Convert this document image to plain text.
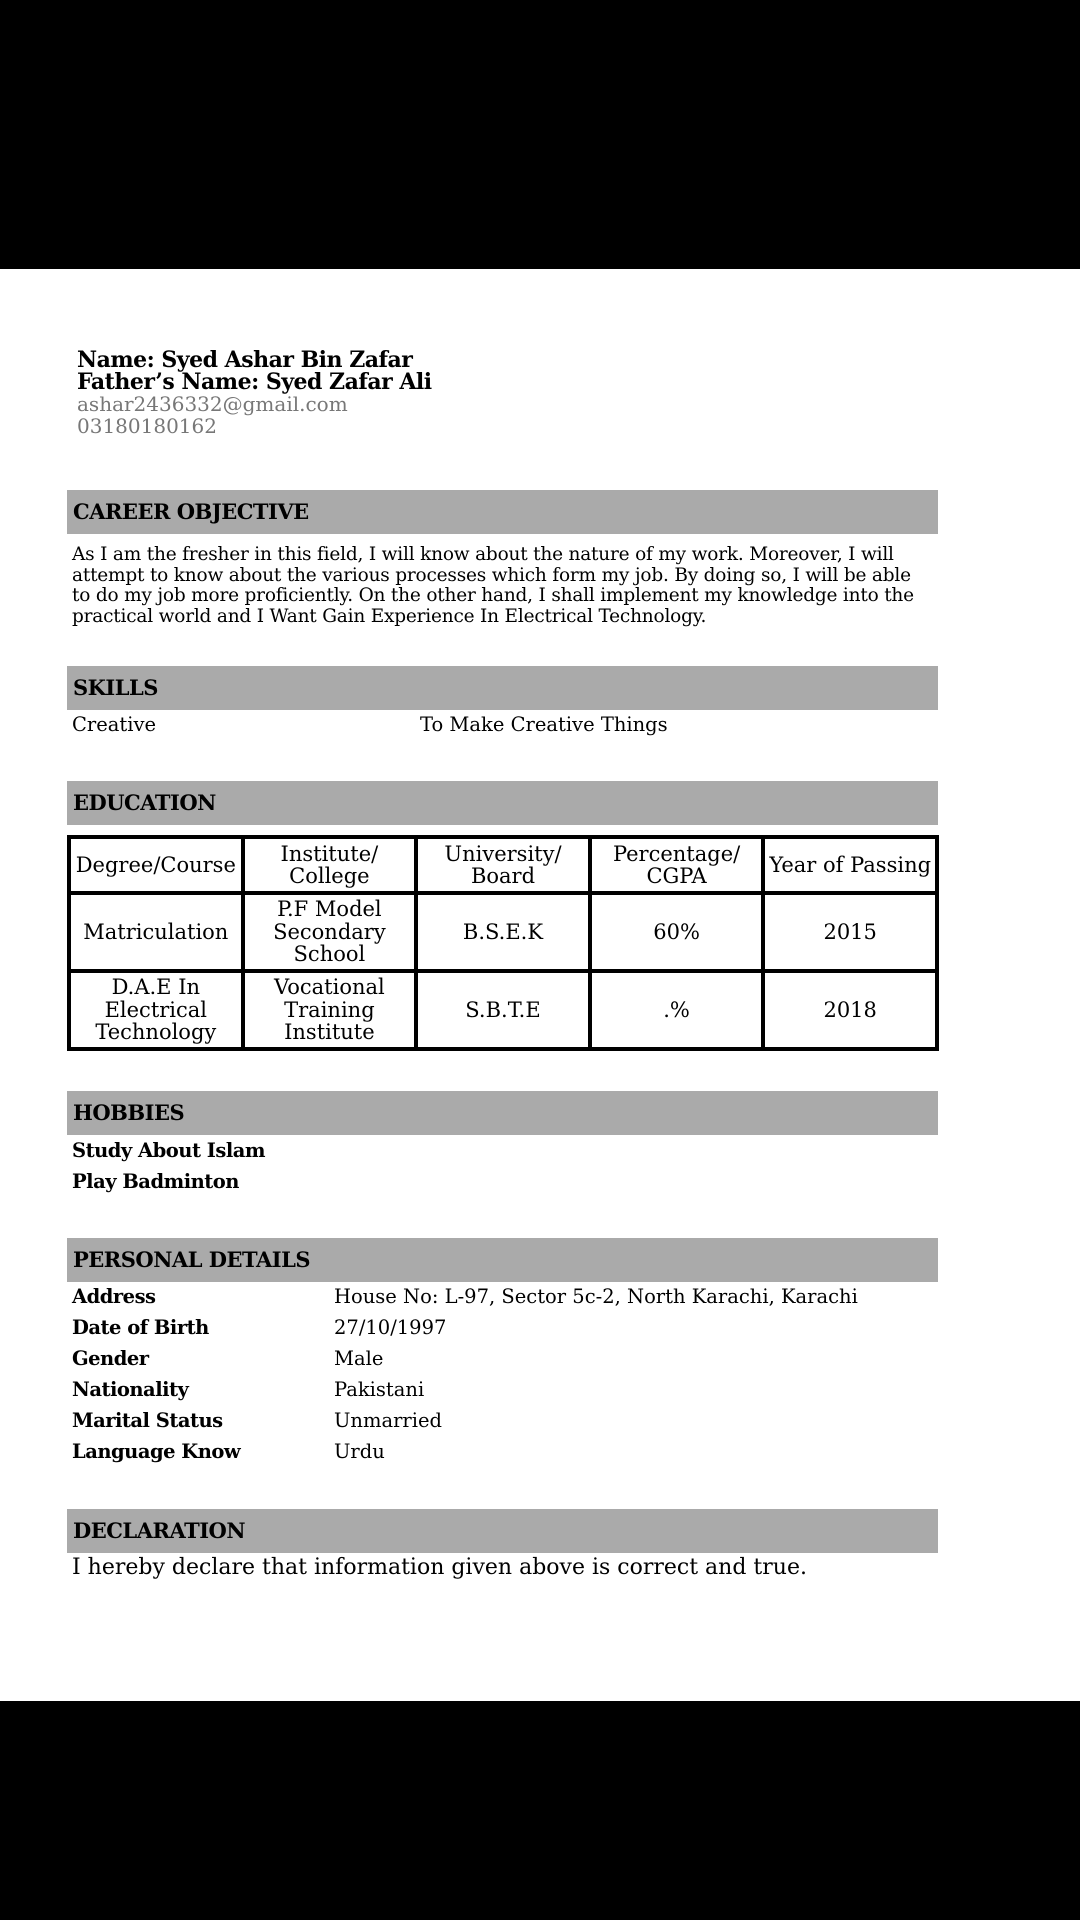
Name: Syed Ashar Bin Zafar
Father’s Name: Syed Zafar Ali
ashar2436332@gmail.com
03180180162
CAREER OBJECTIVE
As I am the fresher in this field, I will know about the nature of my work. Moreover, I will
attempt to know about the various processes which form my job. By doing so, I will be able
to do my job more proficiently. On the other hand, I shall implement my knowledge into the
practical world and I Want Gain Experience In Electrical Technology.
SKILLS
Creative	To Make Creative Things
EDUCATION
Degree/Course	Institute/ College	University/ Board	Percentage/ CGPA	Year of Passing
Matriculation	P.F Model Secondary School	B.S.E.K	60%	2015
D.A.E In Electrical Technology	Vocational Training Institute	S.B.T.E	.%	2018
HOBBIES
Study About Islam
Play Badminton
PERSONAL DETAILS
Address	House No: L-97, Sector 5c-2, North Karachi, Karachi
Date of Birth	27/10/1997
Gender	Male
Nationality	Pakistani
Marital Status	Unmarried
Language Know	Urdu
DECLARATION
I hereby declare that information given above is correct and true.
